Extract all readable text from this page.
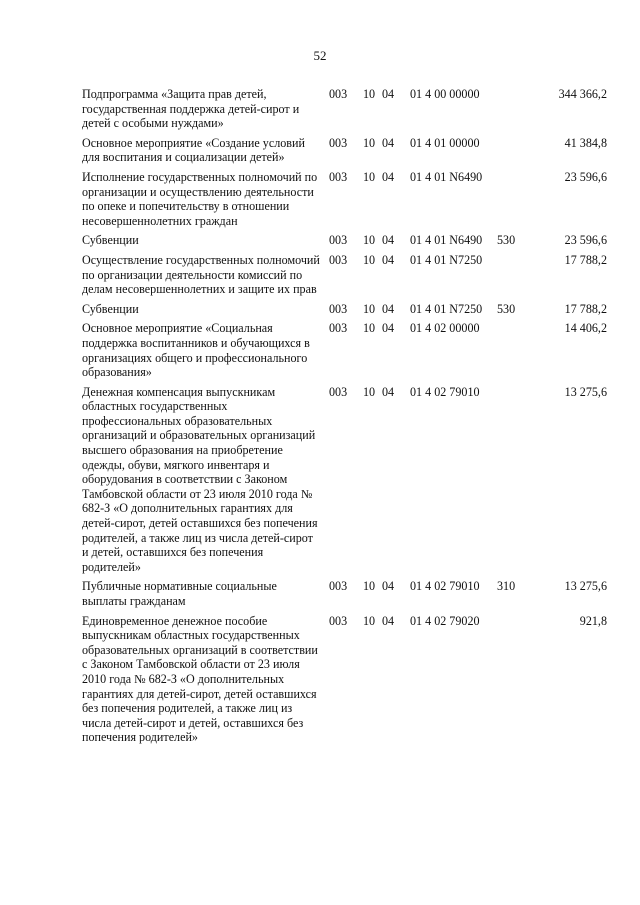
52
Подпрограмма «Защита прав детей, государственная поддержка детей-сирот и детей с особыми нуждами»
003 10 04 01 4 00 00000	344 366,2
Основное мероприятие «Создание условий для воспитания и социализации детей»
003 10 04 01 4 01 00000	41 384,8
Исполнение государственных полномочий по организации и осуществлению деятельности по опеке и попечительству в отношении несовершеннолетних граждан
003 10 04 01 4 01 N6490	23 596,6
Субвенции	003 10 04 01 4 01 N6490 530	23 596,6
Осуществление государственных полномочий по организации деятельности комиссий по делам несовершеннолетних и защите их прав
003 10 04 01 4 01 N7250	17 788,2
Субвенции	003 10 04 01 4 01 N7250 530	17 788,2
Основное мероприятие «Социальная поддержка воспитанников и обучающихся в организациях общего и профессионального образования»
003 10 04 01 4 02 00000	14 406,2
Денежная компенсация выпускникам областных государственных профессиональных образовательных организаций и образовательных организаций высшего образования на приобретение одежды, обуви, мягкого инвентаря и оборудования в соответствии с Законом Тамбовской области от 23 июля 2010 года № 682-З «О дополнительных гарантиях для детей-сирот, детей оставшихся без попечения родителей, а также лиц из числа детей-сирот и детей, оставшихся без попечения родителей»
003 10 04 01 4 02 79010	13 275,6
Публичные нормативные социальные выплаты гражданам
003 10 04 01 4 02 79010 310	13 275,6
Единовременное денежное пособие выпускникам областных государственных образовательных организаций в соответствии с Законом Тамбовской области от 23 июля 2010 года № 682-З «О дополнительных гарантиях для детей-сирот, детей оставшихся без попечения родителей, а также лиц из числа детей-сирот и детей, оставшихся без попечения родителей»
003 10 04 01 4 02 79020	921,8
